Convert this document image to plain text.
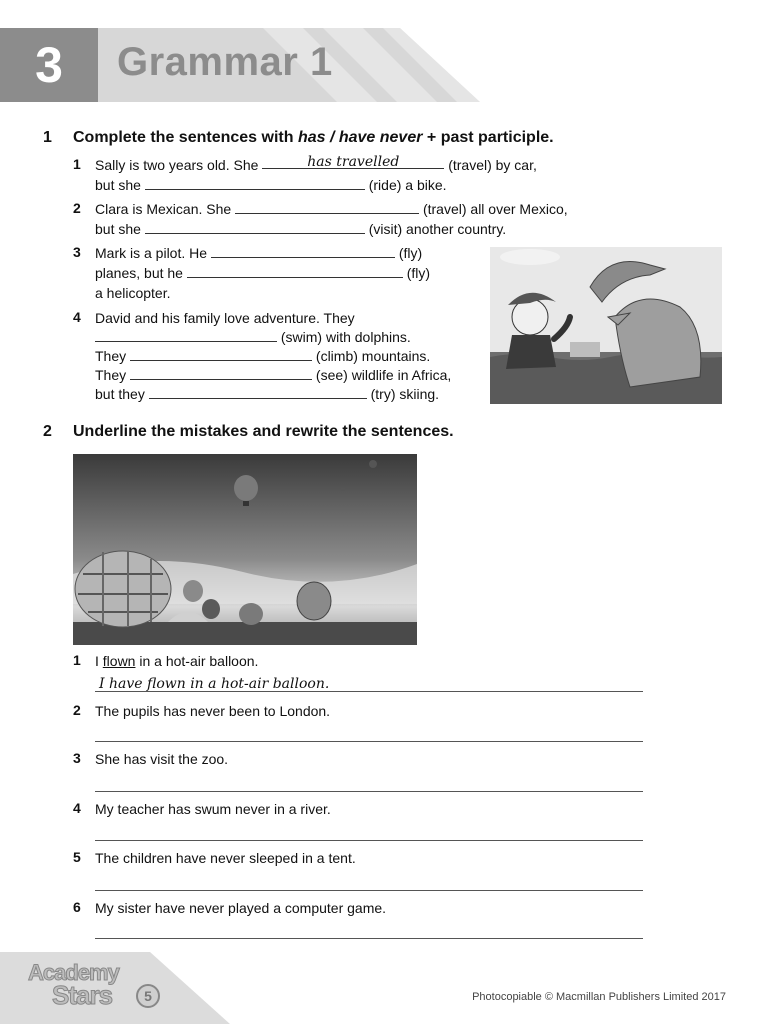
3	Grammar 1
1 Complete the sentences with has / have never + past participle.
1 Sally is two years old. She	has travelled	(travel) by car,
but she	(ride) a bike.
2 Clara is Mexican. She	(travel) all over Mexico,
but she	(visit) another country.
3 Mark is a pilot. He	(fly)
planes, but he	(fly)
a helicopter.
4 David and his family love adventure. They
(swim) with dolphins.
They	(climb) mountains.
They	(see) wildlife in Africa,
but they	(try) skiing.
2 Underline the mistakes and rewrite the sentences.
1 I flown in a hot-air balloon.
I have flown in a hot-air balloon.
2 The pupils has never been to London.
3 She has visit the zoo.
4 My teacher has swum never in a river.
5 The children have never sleeped in a tent.
6 My sister have never played a computer game.
Academy
Stars	5	Photocopiable © Macmillan Publishers Limited 2017
